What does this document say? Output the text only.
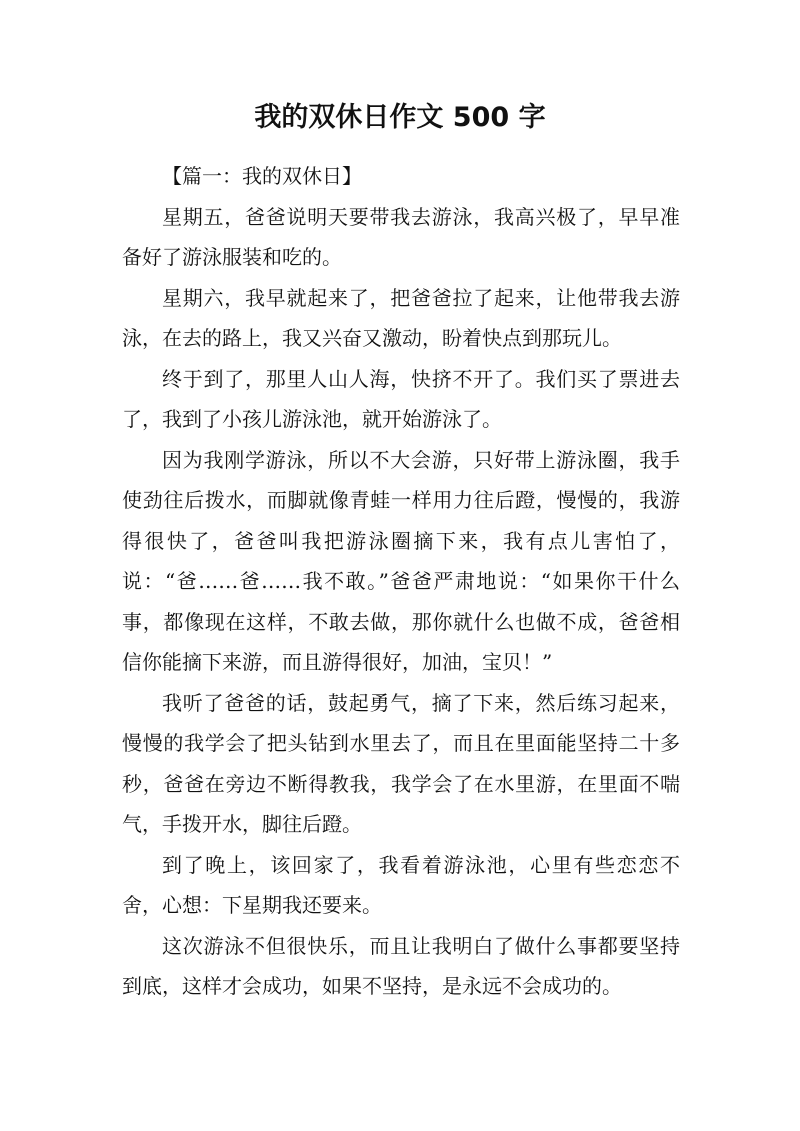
我的双休日作文 500 字

【篇一：我的双休日】

星期五，爸爸说明天要带我去游泳，我高兴极了，早早准备好了游泳服装和吃的。

星期六，我早就起来了，把爸爸拉了起来，让他带我去游泳，在去的路上，我又兴奋又激动，盼着快点到那玩儿。

终于到了，那里人山人海，快挤不开了。我们买了票进去了，我到了小孩儿游泳池，就开始游泳了。

因为我刚学游泳，所以不大会游，只好带上游泳圈，我手使劲往后拨水，而脚就像青蛙一样用力往后蹬，慢慢的，我游得很快了，爸爸叫我把游泳圈摘下来，我有点儿害怕了，说：“爸……爸……我不敢。”爸爸严肃地说：“如果你干什么事，都像现在这样，不敢去做，那你就什么也做不成，爸爸相信你能摘下来游，而且游得很好，加油，宝贝！”

我听了爸爸的话，鼓起勇气，摘了下来，然后练习起来，慢慢的我学会了把头钻到水里去了，而且在里面能坚持二十多秒，爸爸在旁边不断得教我，我学会了在水里游，在里面不喘气，手拨开水，脚往后蹬。

到了晚上，该回家了，我看着游泳池，心里有些恋恋不舍，心想：下星期我还要来。

这次游泳不但很快乐，而且让我明白了做什么事都要坚持到底，这样才会成功，如果不坚持，是永远不会成功的。
